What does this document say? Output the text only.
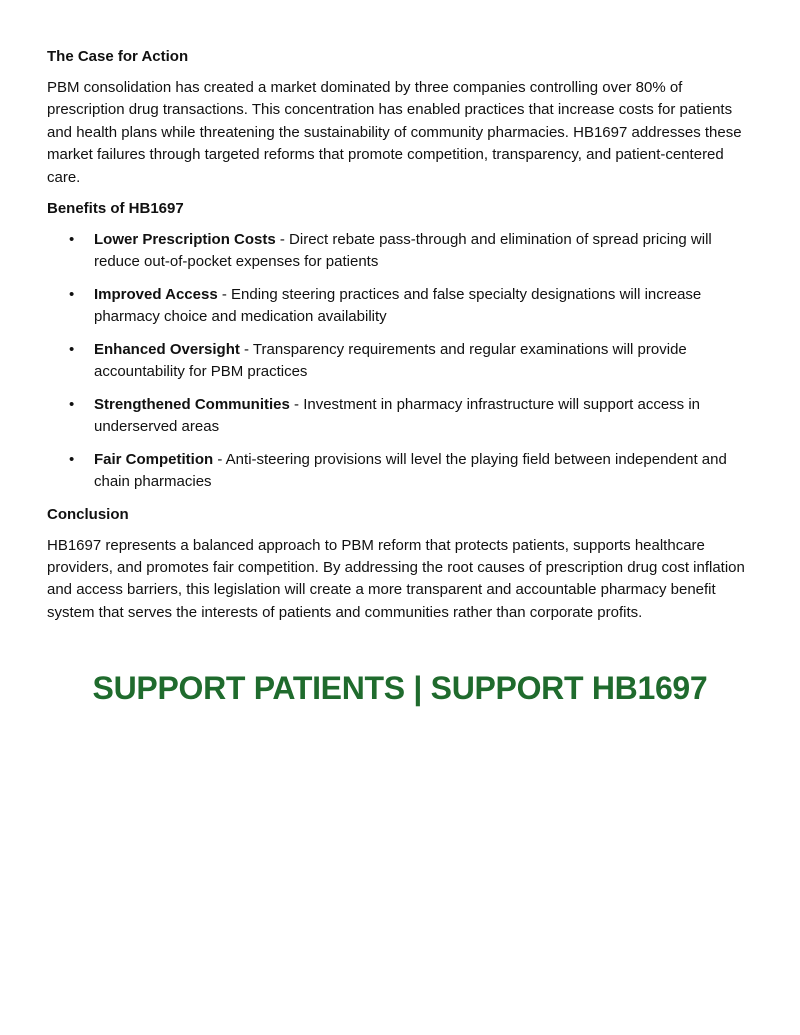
The Case for Action
PBM consolidation has created a market dominated by three companies controlling over 80% of prescription drug transactions. This concentration has enabled practices that increase costs for patients and health plans while threatening the sustainability of community pharmacies. HB1697 addresses these market failures through targeted reforms that promote competition, transparency, and patient-centered care.
Benefits of HB1697
• Lower Prescription Costs - Direct rebate pass-through and elimination of spread pricing will reduce out-of-pocket expenses for patients
• Improved Access - Ending steering practices and false specialty designations will increase pharmacy choice and medication availability
• Enhanced Oversight - Transparency requirements and regular examinations will provide accountability for PBM practices
• Strengthened Communities - Investment in pharmacy infrastructure will support access in underserved areas
• Fair Competition - Anti-steering provisions will level the playing field between independent and chain pharmacies
Conclusion
HB1697 represents a balanced approach to PBM reform that protects patients, supports healthcare providers, and promotes fair competition. By addressing the root causes of prescription drug cost inflation and access barriers, this legislation will create a more transparent and accountable pharmacy benefit system that serves the interests of patients and communities rather than corporate profits.
SUPPORT PATIENTS | SUPPORT HB1697
